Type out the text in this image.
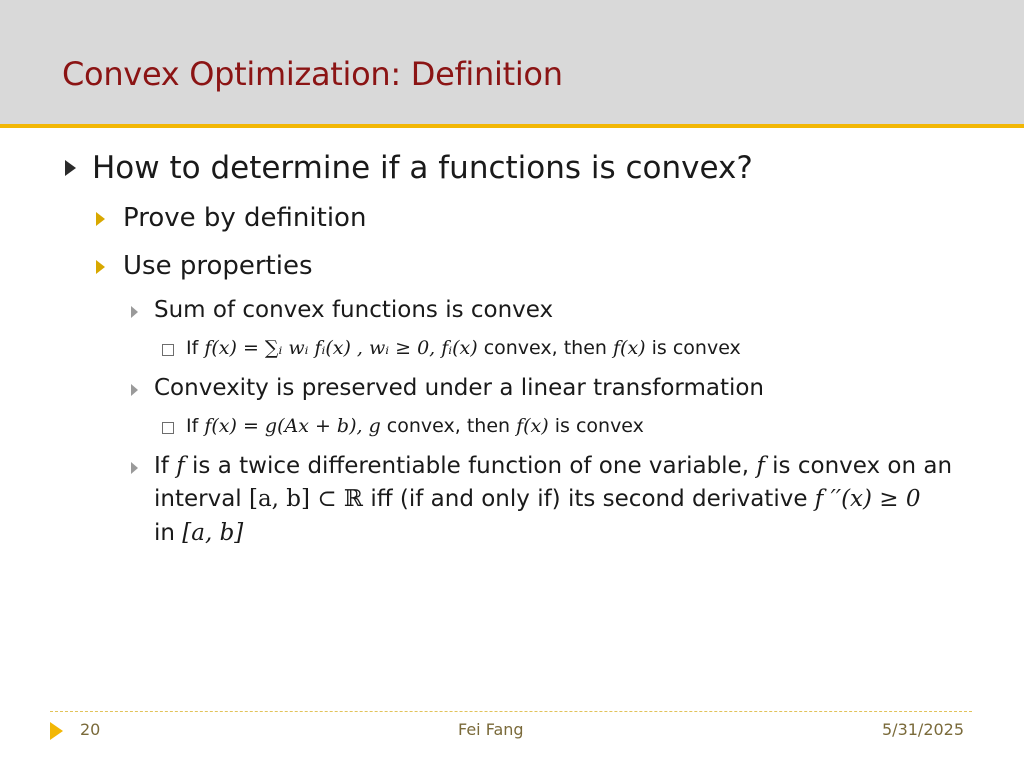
Convex Optimization: Definition
How to determine if a functions is convex?
Prove by definition
Use properties
Sum of convex functions is convex
If f(x) = ∑ᵢ wᵢ fᵢ(x) , wᵢ ≥ 0, fᵢ(x) convex, then f(x) is convex
Convexity is preserved under a linear transformation
If f(x) = g(Ax + b), g convex, then f(x) is convex
If f is a twice differentiable function of one variable, f is convex on an
interval [a, b] ⊂ ℝ iff (if and only if) its second derivative f ′′(x) ≥ 0
in [a, b]
20	Fei Fang	5/31/2025
